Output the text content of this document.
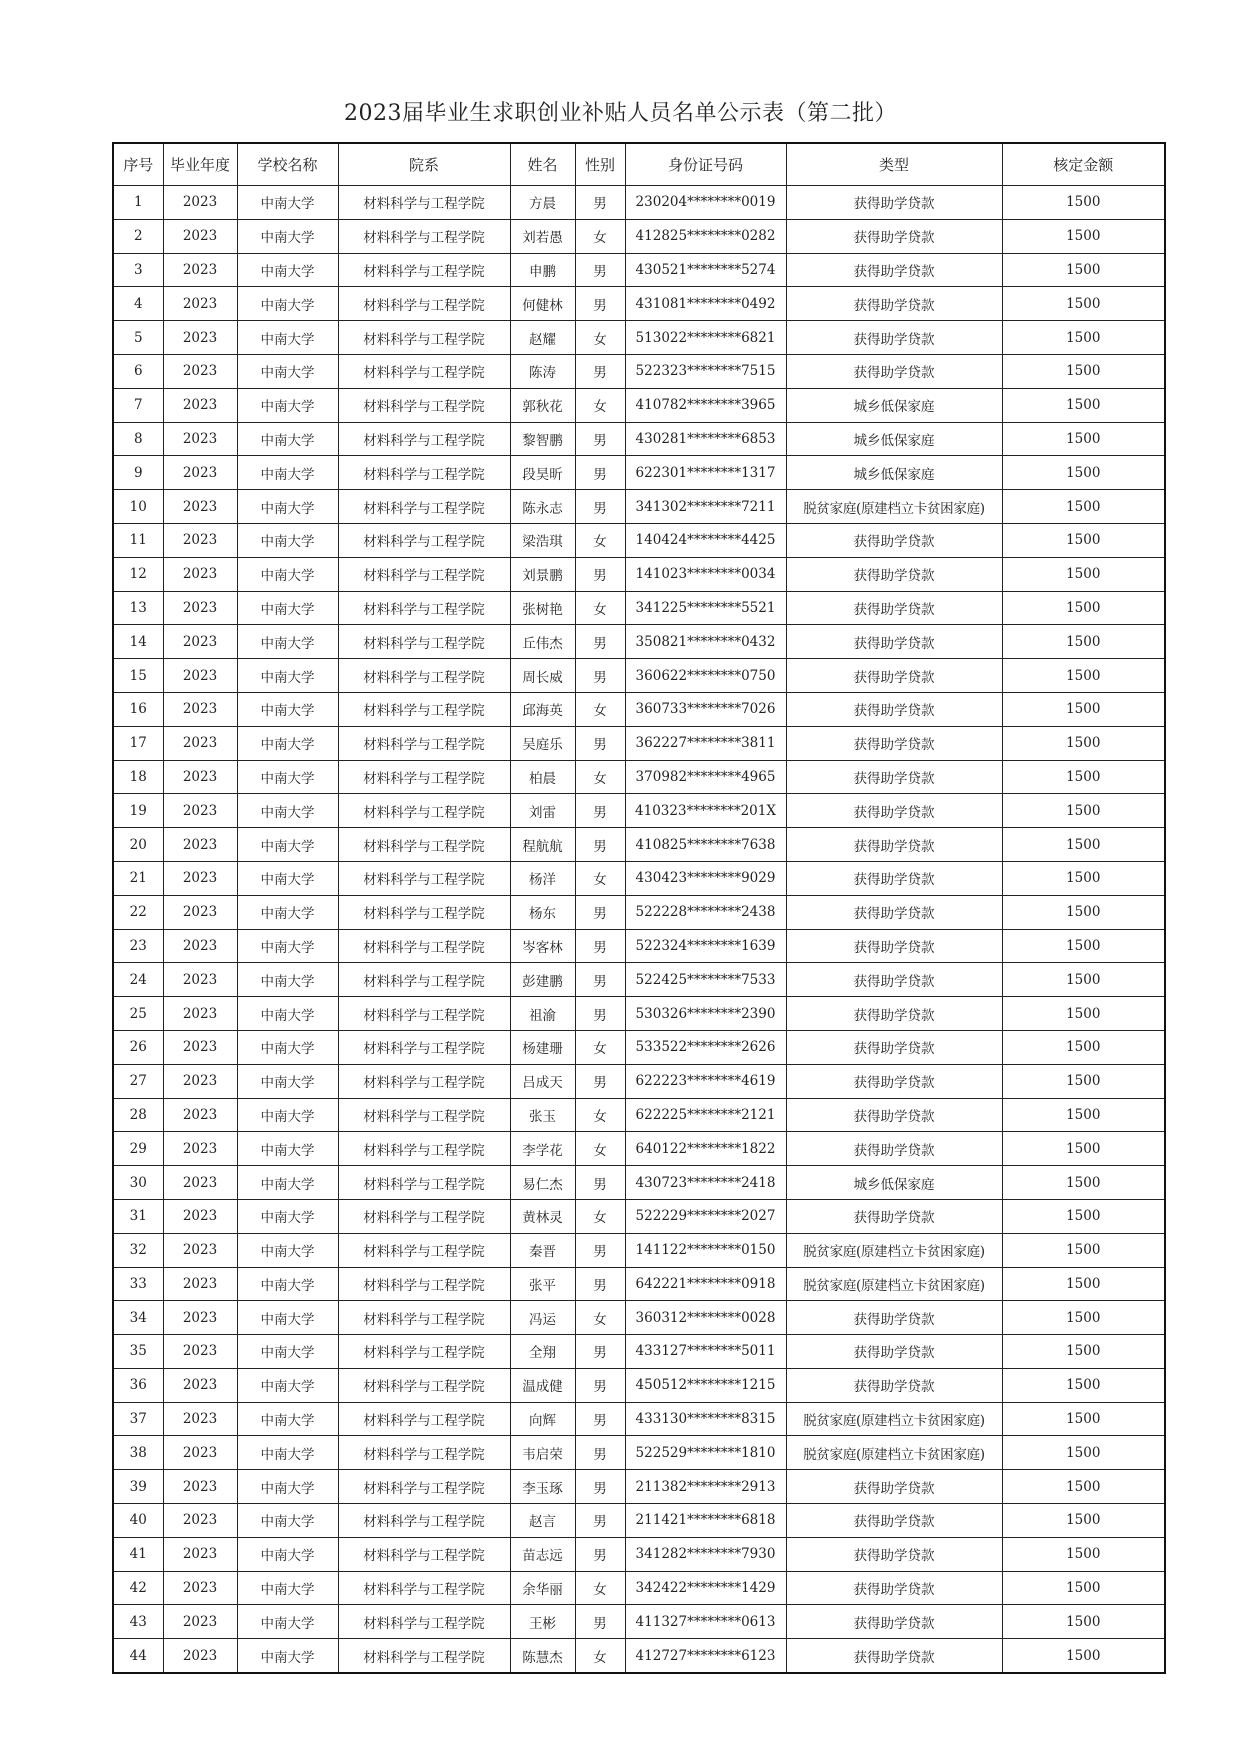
2023届毕业生求职创业补贴人员名单公示表（第二批）
序号	毕业年度	学校名称	院系	姓名	性别	身份证号码	类型	核定金额
1	2023	中南大学	材料科学与工程学院	方晨	男	230204********0019	获得助学贷款	1500
2	2023	中南大学	材料科学与工程学院	刘若愚	女	412825********0282	获得助学贷款	1500
3	2023	中南大学	材料科学与工程学院	申鹏	男	430521********5274	获得助学贷款	1500
4	2023	中南大学	材料科学与工程学院	何健林	男	431081********0492	获得助学贷款	1500
5	2023	中南大学	材料科学与工程学院	赵耀	女	513022********6821	获得助学贷款	1500
6	2023	中南大学	材料科学与工程学院	陈涛	男	522323********7515	获得助学贷款	1500
7	2023	中南大学	材料科学与工程学院	郭秋花	女	410782********3965	城乡低保家庭	1500
8	2023	中南大学	材料科学与工程学院	黎智鹏	男	430281********6853	城乡低保家庭	1500
9	2023	中南大学	材料科学与工程学院	段昊昕	男	622301********1317	城乡低保家庭	1500
10	2023	中南大学	材料科学与工程学院	陈永志	男	341302********7211	脱贫家庭(原建档立卡贫困家庭)	1500
11	2023	中南大学	材料科学与工程学院	梁浩琪	女	140424********4425	获得助学贷款	1500
12	2023	中南大学	材料科学与工程学院	刘景鹏	男	141023********0034	获得助学贷款	1500
13	2023	中南大学	材料科学与工程学院	张树艳	女	341225********5521	获得助学贷款	1500
14	2023	中南大学	材料科学与工程学院	丘伟杰	男	350821********0432	获得助学贷款	1500
15	2023	中南大学	材料科学与工程学院	周长威	男	360622********0750	获得助学贷款	1500
16	2023	中南大学	材料科学与工程学院	邱海英	女	360733********7026	获得助学贷款	1500
17	2023	中南大学	材料科学与工程学院	吴庭乐	男	362227********3811	获得助学贷款	1500
18	2023	中南大学	材料科学与工程学院	柏晨	女	370982********4965	获得助学贷款	1500
19	2023	中南大学	材料科学与工程学院	刘雷	男	410323********201X	获得助学贷款	1500
20	2023	中南大学	材料科学与工程学院	程航航	男	410825********7638	获得助学贷款	1500
21	2023	中南大学	材料科学与工程学院	杨洋	女	430423********9029	获得助学贷款	1500
22	2023	中南大学	材料科学与工程学院	杨东	男	522228********2438	获得助学贷款	1500
23	2023	中南大学	材料科学与工程学院	岑客林	男	522324********1639	获得助学贷款	1500
24	2023	中南大学	材料科学与工程学院	彭建鹏	男	522425********7533	获得助学贷款	1500
25	2023	中南大学	材料科学与工程学院	祖渝	男	530326********2390	获得助学贷款	1500
26	2023	中南大学	材料科学与工程学院	杨建珊	女	533522********2626	获得助学贷款	1500
27	2023	中南大学	材料科学与工程学院	吕成天	男	622223********4619	获得助学贷款	1500
28	2023	中南大学	材料科学与工程学院	张玉	女	622225********2121	获得助学贷款	1500
29	2023	中南大学	材料科学与工程学院	李学花	女	640122********1822	获得助学贷款	1500
30	2023	中南大学	材料科学与工程学院	易仁杰	男	430723********2418	城乡低保家庭	1500
31	2023	中南大学	材料科学与工程学院	黄林灵	女	522229********2027	获得助学贷款	1500
32	2023	中南大学	材料科学与工程学院	秦晋	男	141122********0150	脱贫家庭(原建档立卡贫困家庭)	1500
33	2023	中南大学	材料科学与工程学院	张平	男	642221********0918	脱贫家庭(原建档立卡贫困家庭)	1500
34	2023	中南大学	材料科学与工程学院	冯运	女	360312********0028	获得助学贷款	1500
35	2023	中南大学	材料科学与工程学院	全翔	男	433127********5011	获得助学贷款	1500
36	2023	中南大学	材料科学与工程学院	温成健	男	450512********1215	获得助学贷款	1500
37	2023	中南大学	材料科学与工程学院	向辉	男	433130********8315	脱贫家庭(原建档立卡贫困家庭)	1500
38	2023	中南大学	材料科学与工程学院	韦启荣	男	522529********1810	脱贫家庭(原建档立卡贫困家庭)	1500
39	2023	中南大学	材料科学与工程学院	李玉琢	男	211382********2913	获得助学贷款	1500
40	2023	中南大学	材料科学与工程学院	赵言	男	211421********6818	获得助学贷款	1500
41	2023	中南大学	材料科学与工程学院	苗志远	男	341282********7930	获得助学贷款	1500
42	2023	中南大学	材料科学与工程学院	余华丽	女	342422********1429	获得助学贷款	1500
43	2023	中南大学	材料科学与工程学院	王彬	男	411327********0613	获得助学贷款	1500
44	2023	中南大学	材料科学与工程学院	陈慧杰	女	412727********6123	获得助学贷款	1500
